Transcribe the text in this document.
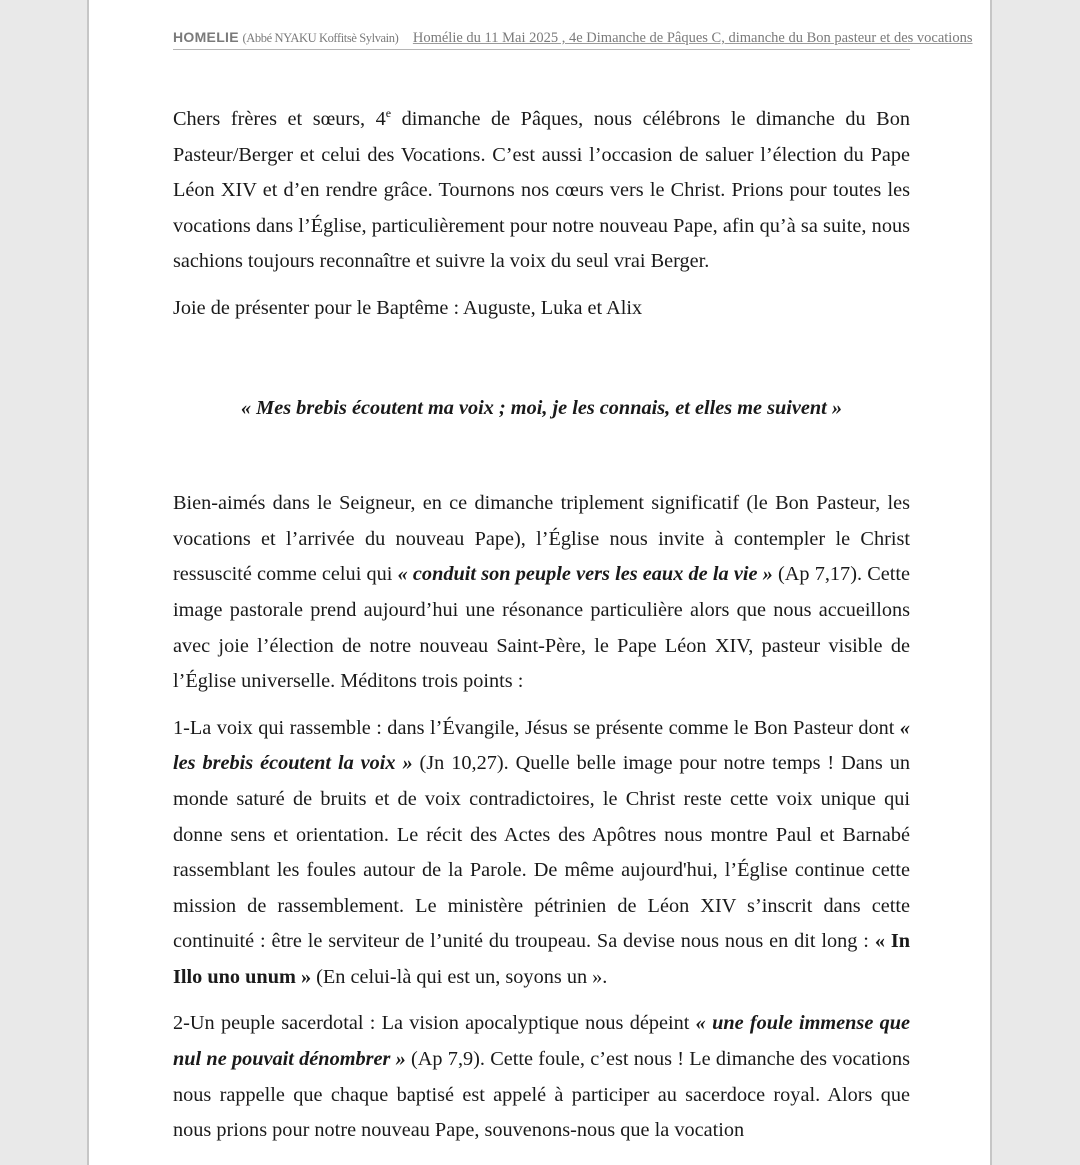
HOMELIE (Abbé NYAKU Koffitsè Sylvain) Homélie du 11 Mai 2025 , 4e Dimanche de Pâques C, dimanche du Bon pasteur et des vocations

Chers frères et sœurs, 4e dimanche de Pâques, nous célébrons le dimanche du Bon Pasteur/Berger et celui des Vocations. C’est aussi l’occasion de saluer l’élection du Pape Léon XIV et d’en rendre grâce. Tournons nos cœurs vers le Christ. Prions pour toutes les vocations dans l’Église, particulièrement pour notre nouveau Pape, afin qu’à sa suite, nous sachions toujours reconnaître et suivre la voix du seul vrai Berger.

Joie de présenter pour le Baptême : Auguste, Luka et Alix

« Mes brebis écoutent ma voix ; moi, je les connais, et elles me suivent »

Bien-aimés dans le Seigneur, en ce dimanche triplement significatif (le Bon Pasteur, les vocations et l’arrivée du nouveau Pape), l’Église nous invite à contempler le Christ ressuscité comme celui qui « conduit son peuple vers les eaux de la vie » (Ap 7,17). Cette image pastorale prend aujourd’hui une résonance particulière alors que nous accueillons avec joie l’élection de notre nouveau Saint-Père, le Pape Léon XIV, pasteur visible de l’Église universelle. Méditons trois points :

1-La voix qui rassemble : dans l’Évangile, Jésus se présente comme le Bon Pasteur dont « les brebis écoutent la voix » (Jn 10,27). Quelle belle image pour notre temps ! Dans un monde saturé de bruits et de voix contradictoires, le Christ reste cette voix unique qui donne sens et orientation. Le récit des Actes des Apôtres nous montre Paul et Barnabé rassemblant les foules autour de la Parole. De même aujourd'hui, l’Église continue cette mission de rassemblement. Le ministère pétrinien de Léon XIV s’inscrit dans cette continuité : être le serviteur de l’unité du troupeau. Sa devise nous nous en dit long : « In Illo uno unum » (En celui-là qui est un, soyons un ».

2-Un peuple sacerdotal : La vision apocalyptique nous dépeint « une foule immense que nul ne pouvait dénombrer » (Ap 7,9). Cette foule, c’est nous ! Le dimanche des vocations nous rappelle que chaque baptisé est appelé à participer au sacerdoce royal. Alors que nous prions pour notre nouveau Pape, souvenons-nous que la vocation
